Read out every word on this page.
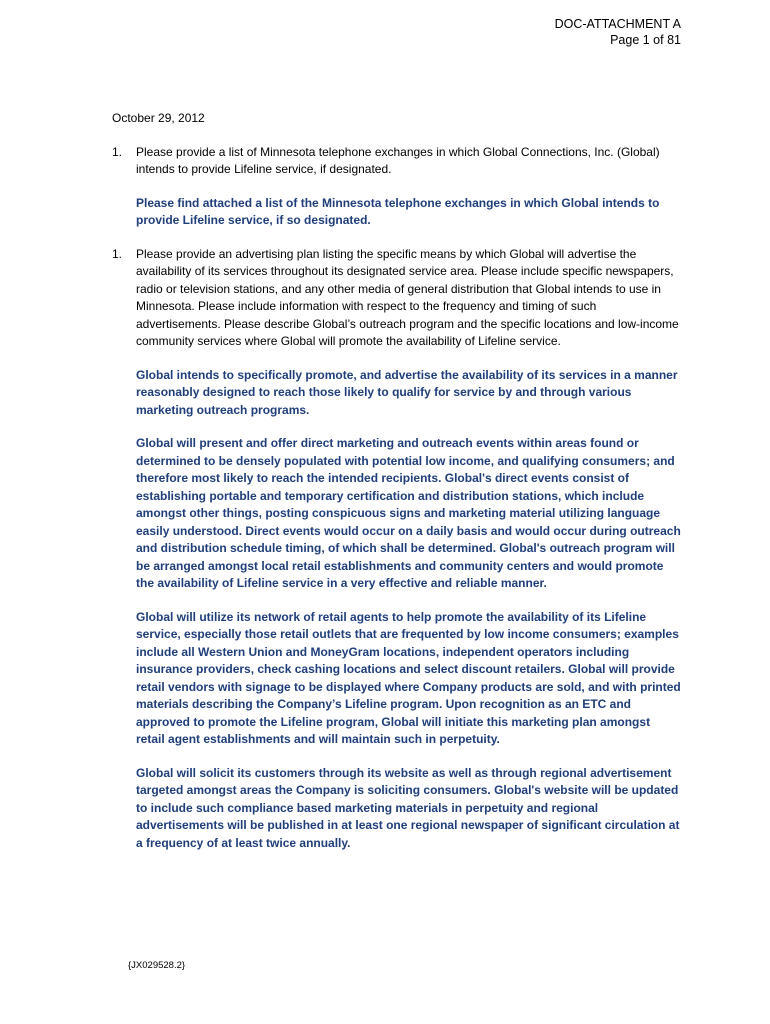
DOC-ATTACHMENT A
Page 1 of 81
October 29, 2012
1. Please provide a list of Minnesota telephone exchanges in which Global Connections, Inc. (Global) intends to provide Lifeline service, if designated.
Please find attached a list of the Minnesota telephone exchanges in which Global intends to provide Lifeline service, if so designated.
1. Please provide an advertising plan listing the specific means by which Global will advertise the availability of its services throughout its designated service area. Please include specific newspapers, radio or television stations, and any other media of general distribution that Global intends to use in Minnesota. Please include information with respect to the frequency and timing of such advertisements. Please describe Global’s outreach program and the specific locations and low-income community services where Global will promote the availability of Lifeline service.
Global intends to specifically promote, and advertise the availability of its services in a manner reasonably designed to reach those likely to qualify for service by and through various marketing outreach programs.
Global will present and offer direct marketing and outreach events within areas found or determined to be densely populated with potential low income, and qualifying consumers; and therefore most likely to reach the intended recipients. Global's direct events consist of establishing portable and temporary certification and distribution stations, which include amongst other things, posting conspicuous signs and marketing material utilizing language easily understood. Direct events would occur on a daily basis and would occur during outreach and distribution schedule timing, of which shall be determined. Global's outreach program will be arranged amongst local retail establishments and community centers and would promote the availability of Lifeline service in a very effective and reliable manner.
Global will utilize its network of retail agents to help promote the availability of its Lifeline service, especially those retail outlets that are frequented by low income consumers; examples include all Western Union and MoneyGram locations, independent operators including insurance providers, check cashing locations and select discount retailers. Global will provide retail vendors with signage to be displayed where Company products are sold, and with printed materials describing the Company’s Lifeline program. Upon recognition as an ETC and approved to promote the Lifeline program, Global will initiate this marketing plan amongst retail agent establishments and will maintain such in perpetuity.
Global will solicit its customers through its website as well as through regional advertisement targeted amongst areas the Company is soliciting consumers. Global's website will be updated to include such compliance based marketing materials in perpetuity and regional advertisements will be published in at least one regional newspaper of significant circulation at a frequency of at least twice annually.
{JX029528.2}
